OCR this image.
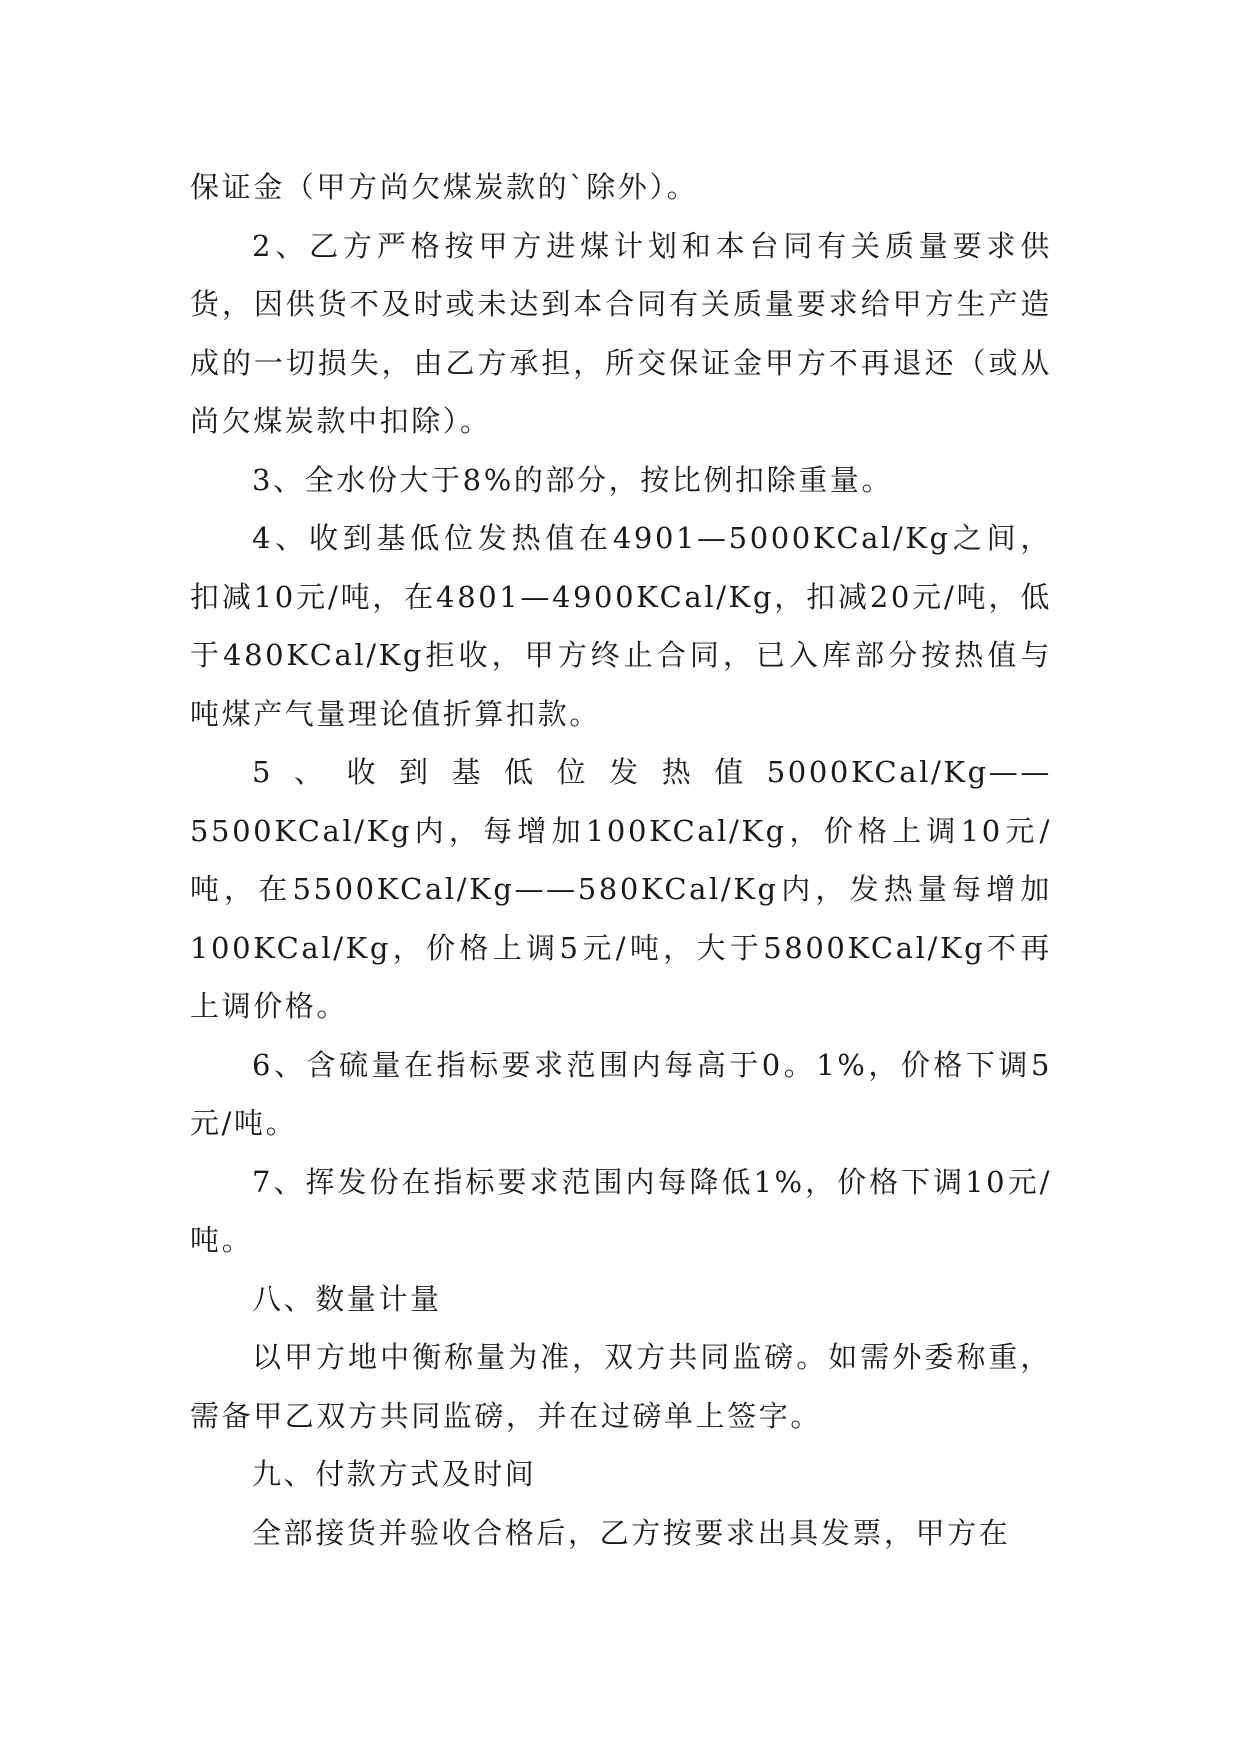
保证金（甲方尚欠煤炭款的`除外）。

2、乙方严格按甲方进煤计划和本台同有关质量要求供货，因供货不及时或未达到本合同有关质量要求给甲方生产造成的一切损失，由乙方承担，所交保证金甲方不再退还（或从尚欠煤炭款中扣除）。

3、全水份大于8%的部分，按比例扣除重量。

4、收到基低位发热值在4901—5000KCal/Kg之间，扣减10元/吨，在4801—4900KCal/Kg，扣减20元/吨，低于480KCal/Kg拒收，甲方终止合同，已入库部分按热值与吨煤产气量理论值折算扣款。

5、收到基低位发热值5000KCal/Kg—— 5500KCal/Kg内，每增加100KCal/Kg，价格上调10元/吨，在5500KCal/Kg——580KCal/Kg内，发热量每增加100KCal/Kg，价格上调5元/吨，大于5800KCal/Kg不再上调价格。

6、含硫量在指标要求范围内每高于0。1%，价格下调5元/吨。

7、挥发份在指标要求范围内每降低1%，价格下调10元/吨。

八、数量计量

以甲方地中衡称量为准，双方共同监磅。如需外委称重，需备甲乙双方共同监磅，并在过磅单上签字。

九、付款方式及时间

全部接货并验收合格后，乙方按要求出具发票，甲方在
